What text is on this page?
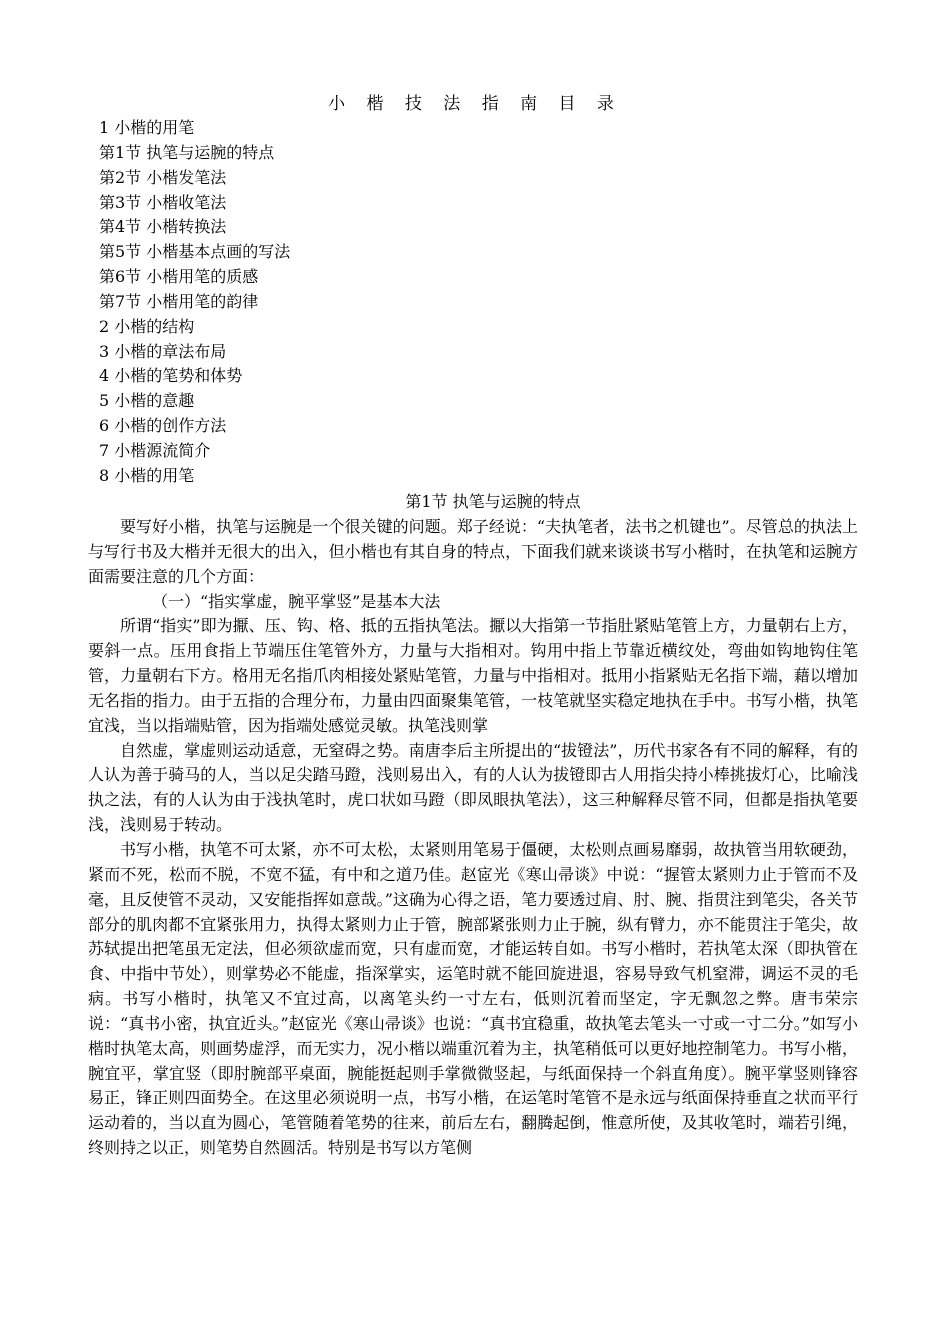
小 楷 技 法 指 南 目 录
1 小楷的用笔
第1节 执笔与运腕的特点
第2节 小楷发笔法
第3节 小楷收笔法
第4节 小楷转换法
第5节 小楷基本点画的写法
第6节 小楷用笔的质感
第7节 小楷用笔的韵律
2 小楷的结构
3 小楷的章法布局
4 小楷的笔势和体势
5 小楷的意趣
6 小楷的创作方法
7 小楷源流简介
8 小楷的用笔
第1节 执笔与运腕的特点

要写好小楷，执笔与运腕是一个很关键的问题。郑子经说：“夫执笔者，法书之机键也”。尽管总的执法上与写行书及大楷并无很大的出入，但小楷也有其自身的特点，下面我们就来谈谈书写小楷时，在执笔和运腕方面需要注意的几个方面：

（一）“指实掌虚，腕平掌竖”是基本大法

所谓“指实”即为擫、压、钩、格、抵的五指执笔法。擫以大指第一节指肚紧贴笔管上方，力量朝右上方，要斜一点。压用食指上节端压住笔管外方，力量与大指相对。钩用中指上节靠近横纹处，弯曲如钩地钩住笔管，力量朝右下方。格用无名指爪肉相接处紧贴笔管，力量与中指相对。抵用小指紧贴无名指下端，藉以增加无名指的指力。由于五指的合理分布，力量由四面聚集笔管，一枝笔就坚实稳定地执在手中。书写小楷，执笔宜浅，当以指端贴管，因为指端处感觉灵敏。执笔浅则掌

自然虚，掌虚则运动适意，无窒碍之势。南唐李后主所提出的“拔镫法”，历代书家各有不同的解释，有的人认为善于骑马的人，当以足尖踏马蹬，浅则易出入，有的人认为拔镫即古人用指尖持小棒挑拔灯心，比喻浅执之法，有的人认为由于浅执笔时，虎口状如马蹬（即凤眼执笔法），这三种解释尽管不同，但都是指执笔要浅，浅则易于转动。

书写小楷，执笔不可太紧，亦不可太松，太紧则用笔易于僵硬，太松则点画易靡弱，故执管当用软硬劲，紧而不死，松而不脱，不宽不猛，有中和之道乃佳。赵宧光《寒山帚谈》中说：“握管太紧则力止于管而不及毫，且反使管不灵动，又安能指挥如意哉。”这确为心得之语，笔力要透过肩、肘、腕、指贯注到笔尖，各关节部分的肌肉都不宜紧张用力，执得太紧则力止于管，腕部紧张则力止于腕，纵有臂力，亦不能贯注于笔尖，故苏轼提出把笔虽无定法，但必须欲虚而宽，只有虚而宽，才能运转自如。书写小楷时，若执笔太深（即执管在食、中指中节处），则掌势必不能虚，指深掌实，运笔时就不能回旋进退，容易导致气机窒滞，调运不灵的毛病。书写小楷时，执笔又不宜过高，以离笔头约一寸左右，低则沉着而坚定，字无飘忽之弊。唐韦荣宗说：“真书小密，执宜近头。”赵宧光《寒山帚谈》也说：“真书宜稳重，故执笔去笔头一寸或一寸二分。”如写小楷时执笔太高，则画势虚浮，而无实力，况小楷以端重沉着为主，执笔稍低可以更好地控制笔力。书写小楷，腕宜平，掌宜竖（即肘腕部平桌面，腕能挺起则手掌微微竖起，与纸面保持一个斜直角度）。腕平掌竖则锋容易正，锋正则四面势全。在这里必须说明一点，书写小楷，在运笔时笔管不是永远与纸面保持垂直之状而平行运动着的，当以直为圆心，笔管随着笔势的往来，前后左右，翻腾起倒，惟意所使，及其收笔时，端若引绳，终则持之以正，则笔势自然圆活。特别是书写以方笔侧
